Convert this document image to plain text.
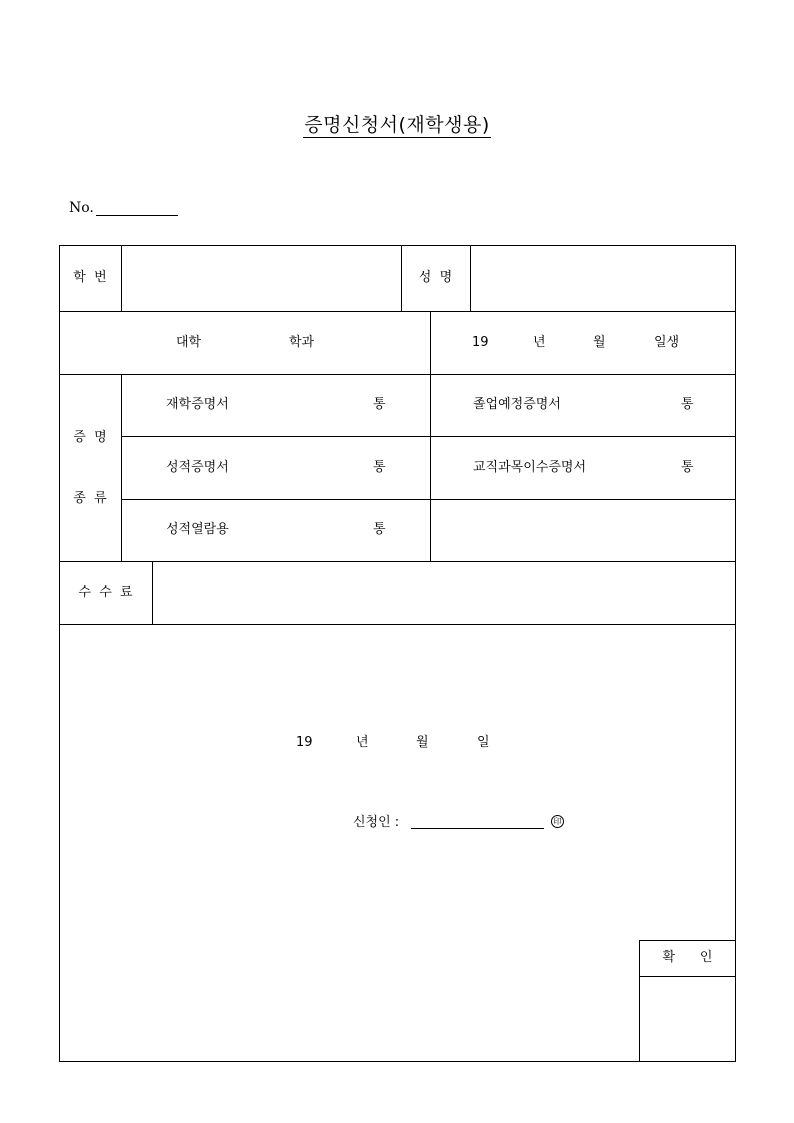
증명신청서(재학생용)
No.
학  번	성  명
대학	학과	19	년	월	일생
증  명
종  류
재학증명서	통	졸업예정증명서	통
성적증명서	통	교직과목이수증명서	통
성적열람용	통
수  수  료
19	년	월	일
신청인 :	印
확      인
